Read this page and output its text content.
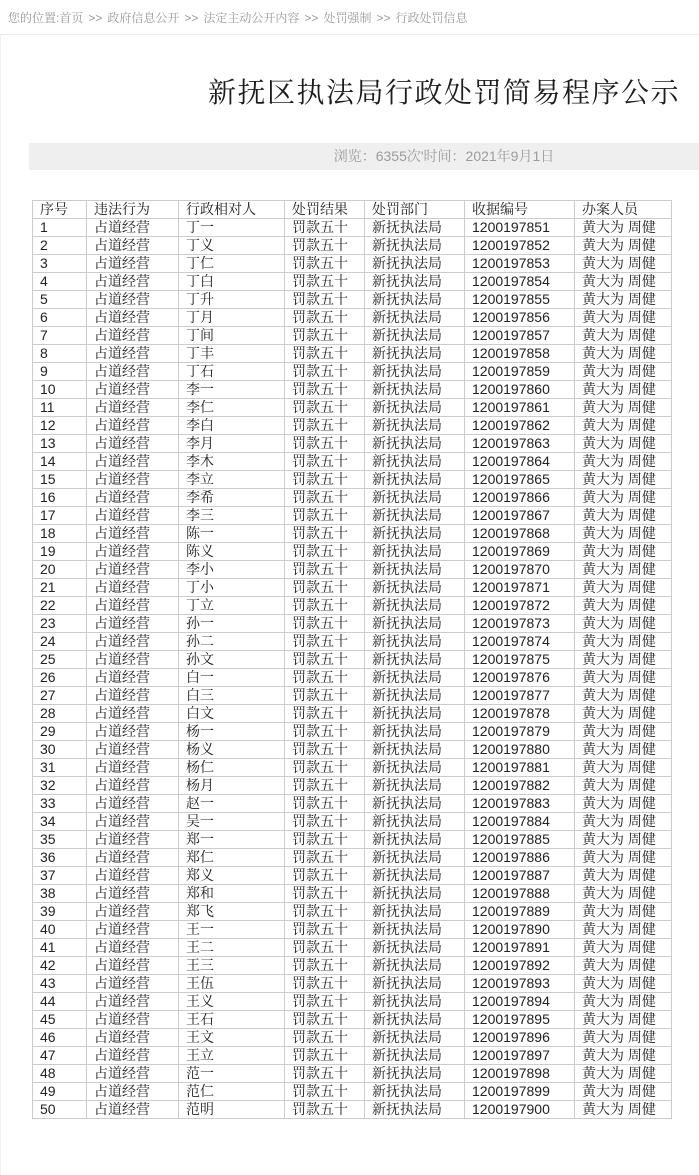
您的位置:首页 >> 政府信息公开 >> 法定主动公开内容 >> 处罚强制 >> 行政处罚信息
新抚区执法局行政处罚简易程序公示
浏览：6355次'时间：2021年9月1日
序号	违法行为	行政相对人	处罚结果	处罚部门	收据编号	办案人员
1	占道经营	丁一	罚款五十	新抚执法局	1200197851	黄大为 周健
2	占道经营	丁义	罚款五十	新抚执法局	1200197852	黄大为 周健
3	占道经营	丁仁	罚款五十	新抚执法局	1200197853	黄大为 周健
4	占道经营	丁白	罚款五十	新抚执法局	1200197854	黄大为 周健
5	占道经营	丁升	罚款五十	新抚执法局	1200197855	黄大为 周健
6	占道经营	丁月	罚款五十	新抚执法局	1200197856	黄大为 周健
7	占道经营	丁间	罚款五十	新抚执法局	1200197857	黄大为 周健
8	占道经营	丁丰	罚款五十	新抚执法局	1200197858	黄大为 周健
9	占道经营	丁石	罚款五十	新抚执法局	1200197859	黄大为 周健
10	占道经营	李一	罚款五十	新抚执法局	1200197860	黄大为 周健
11	占道经营	李仁	罚款五十	新抚执法局	1200197861	黄大为 周健
12	占道经营	李白	罚款五十	新抚执法局	1200197862	黄大为 周健
13	占道经营	李月	罚款五十	新抚执法局	1200197863	黄大为 周健
14	占道经营	李木	罚款五十	新抚执法局	1200197864	黄大为 周健
15	占道经营	李立	罚款五十	新抚执法局	1200197865	黄大为 周健
16	占道经营	李希	罚款五十	新抚执法局	1200197866	黄大为 周健
17	占道经营	李三	罚款五十	新抚执法局	1200197867	黄大为 周健
18	占道经营	陈一	罚款五十	新抚执法局	1200197868	黄大为 周健
19	占道经营	陈义	罚款五十	新抚执法局	1200197869	黄大为 周健
20	占道经营	李小	罚款五十	新抚执法局	1200197870	黄大为 周健
21	占道经营	丁小	罚款五十	新抚执法局	1200197871	黄大为 周健
22	占道经营	丁立	罚款五十	新抚执法局	1200197872	黄大为 周健
23	占道经营	孙一	罚款五十	新抚执法局	1200197873	黄大为 周健
24	占道经营	孙二	罚款五十	新抚执法局	1200197874	黄大为 周健
25	占道经营	孙文	罚款五十	新抚执法局	1200197875	黄大为 周健
26	占道经营	白一	罚款五十	新抚执法局	1200197876	黄大为 周健
27	占道经营	白三	罚款五十	新抚执法局	1200197877	黄大为 周健
28	占道经营	白文	罚款五十	新抚执法局	1200197878	黄大为 周健
29	占道经营	杨一	罚款五十	新抚执法局	1200197879	黄大为 周健
30	占道经营	杨义	罚款五十	新抚执法局	1200197880	黄大为 周健
31	占道经营	杨仁	罚款五十	新抚执法局	1200197881	黄大为 周健
32	占道经营	杨月	罚款五十	新抚执法局	1200197882	黄大为 周健
33	占道经营	赵一	罚款五十	新抚执法局	1200197883	黄大为 周健
34	占道经营	吴一	罚款五十	新抚执法局	1200197884	黄大为 周健
35	占道经营	郑一	罚款五十	新抚执法局	1200197885	黄大为 周健
36	占道经营	郑仁	罚款五十	新抚执法局	1200197886	黄大为 周健
37	占道经营	郑义	罚款五十	新抚执法局	1200197887	黄大为 周健
38	占道经营	郑和	罚款五十	新抚执法局	1200197888	黄大为 周健
39	占道经营	郑飞	罚款五十	新抚执法局	1200197889	黄大为 周健
40	占道经营	王一	罚款五十	新抚执法局	1200197890	黄大为 周健
41	占道经营	王二	罚款五十	新抚执法局	1200197891	黄大为 周健
42	占道经营	王三	罚款五十	新抚执法局	1200197892	黄大为 周健
43	占道经营	王伍	罚款五十	新抚执法局	1200197893	黄大为 周健
44	占道经营	王义	罚款五十	新抚执法局	1200197894	黄大为 周健
45	占道经营	王石	罚款五十	新抚执法局	1200197895	黄大为 周健
46	占道经营	王文	罚款五十	新抚执法局	1200197896	黄大为 周健
47	占道经营	王立	罚款五十	新抚执法局	1200197897	黄大为 周健
48	占道经营	范一	罚款五十	新抚执法局	1200197898	黄大为 周健
49	占道经营	范仁	罚款五十	新抚执法局	1200197899	黄大为 周健
50	占道经营	范明	罚款五十	新抚执法局	1200197900	黄大为 周健
